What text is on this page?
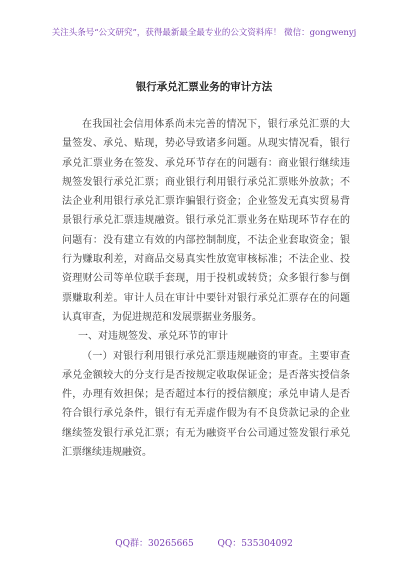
关注头条号“公文研究”，获得最新最全最专业的公文资料库！ 微信：gongwenyj
银行承兑汇票业务的审计方法

在我国社会信用体系尚未完善的情况下，银行承兑汇票的大量签发、承兑、贴现，势必导致诸多问题。从现实情况看，银行承兑汇票业务在签发、承兑环节存在的问题有：商业银行继续违规签发银行承兑汇票；商业银行利用银行承兑汇票账外放款；不法企业利用银行承兑汇票诈骗银行资金；企业签发无真实贸易背景银行承兑汇票违规融资。银行承兑汇票业务在贴现环节存在的问题有：没有建立有效的内部控制制度，不法企业套取资金；银行为赚取利差，对商品交易真实性放宽审核标准；不法企业、投资理财公司等单位联手套现，用于投机或转贷；众多银行参与倒票赚取利差。审计人员在审计中要针对银行承兑汇票存在的问题认真审查，为促进规范和发展票据业务服务。

一、对违规签发、承兑环节的审计

（一）对银行利用银行承兑汇票违规融资的审查。主要审查承兑金额较大的分支行是否按规定收取保证金；是否落实授信条件，办理有效担保；是否超过本行的授信额度；承兑申请人是否符合银行承兑条件，银行有无弄虚作假为有不良贷款记录的企业继续签发银行承兑汇票；有无为融资平台公司通过签发银行承兑汇票继续违规融资。

QQ群：30265665	QQ：535304092
